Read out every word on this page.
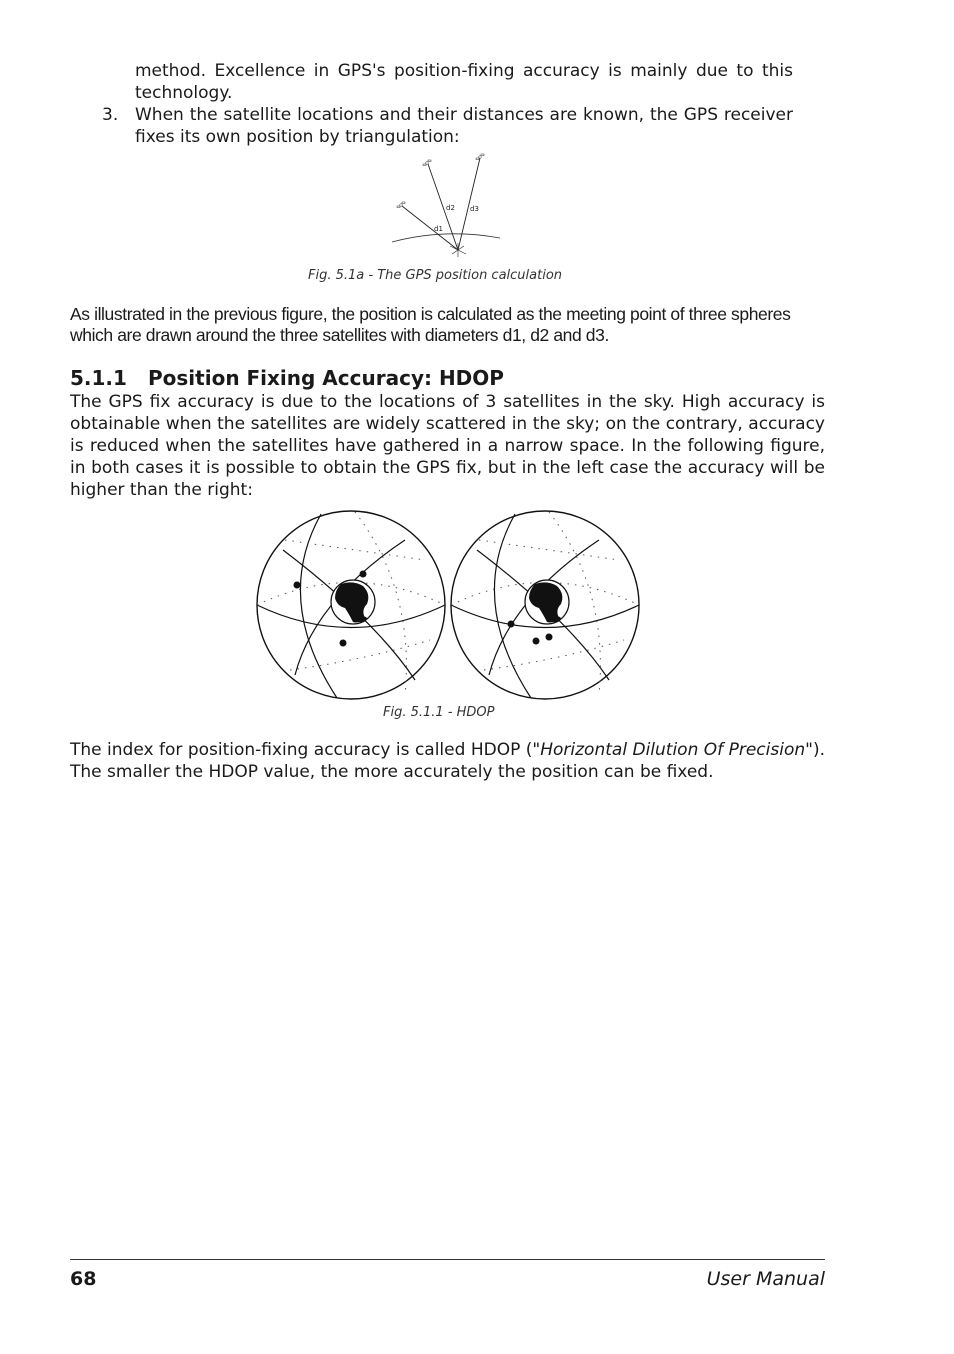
method. Excellence in GPS's position-fixing accuracy is mainly due to this technology.
3. When the satellite locations and their distances are known, the GPS receiver fixes its own position by triangulation:
d1
d2 d3
Fig. 5.1a - The GPS position calculation
As illustrated in the previous figure, the position is calculated as the meeting point of three spheres which are drawn around the three satellites with diameters d1, d2 and d3.
5.1.1 Position Fixing Accuracy: HDOP
The GPS fix accuracy is due to the locations of 3 satellites in the sky. High accuracy is obtainable when the satellites are widely scattered in the sky; on the contrary, accuracy is reduced when the satellites have gathered in a narrow space. In the following figure, in both cases it is possible to obtain the GPS fix, but in the left case the accuracy will be higher than the right:
Fig. 5.1.1 - HDOP
The index for position-fixing accuracy is called HDOP ("Horizontal Dilution Of Precision"). The smaller the HDOP value, the more accurately the position can be fixed.
68	User Manual
